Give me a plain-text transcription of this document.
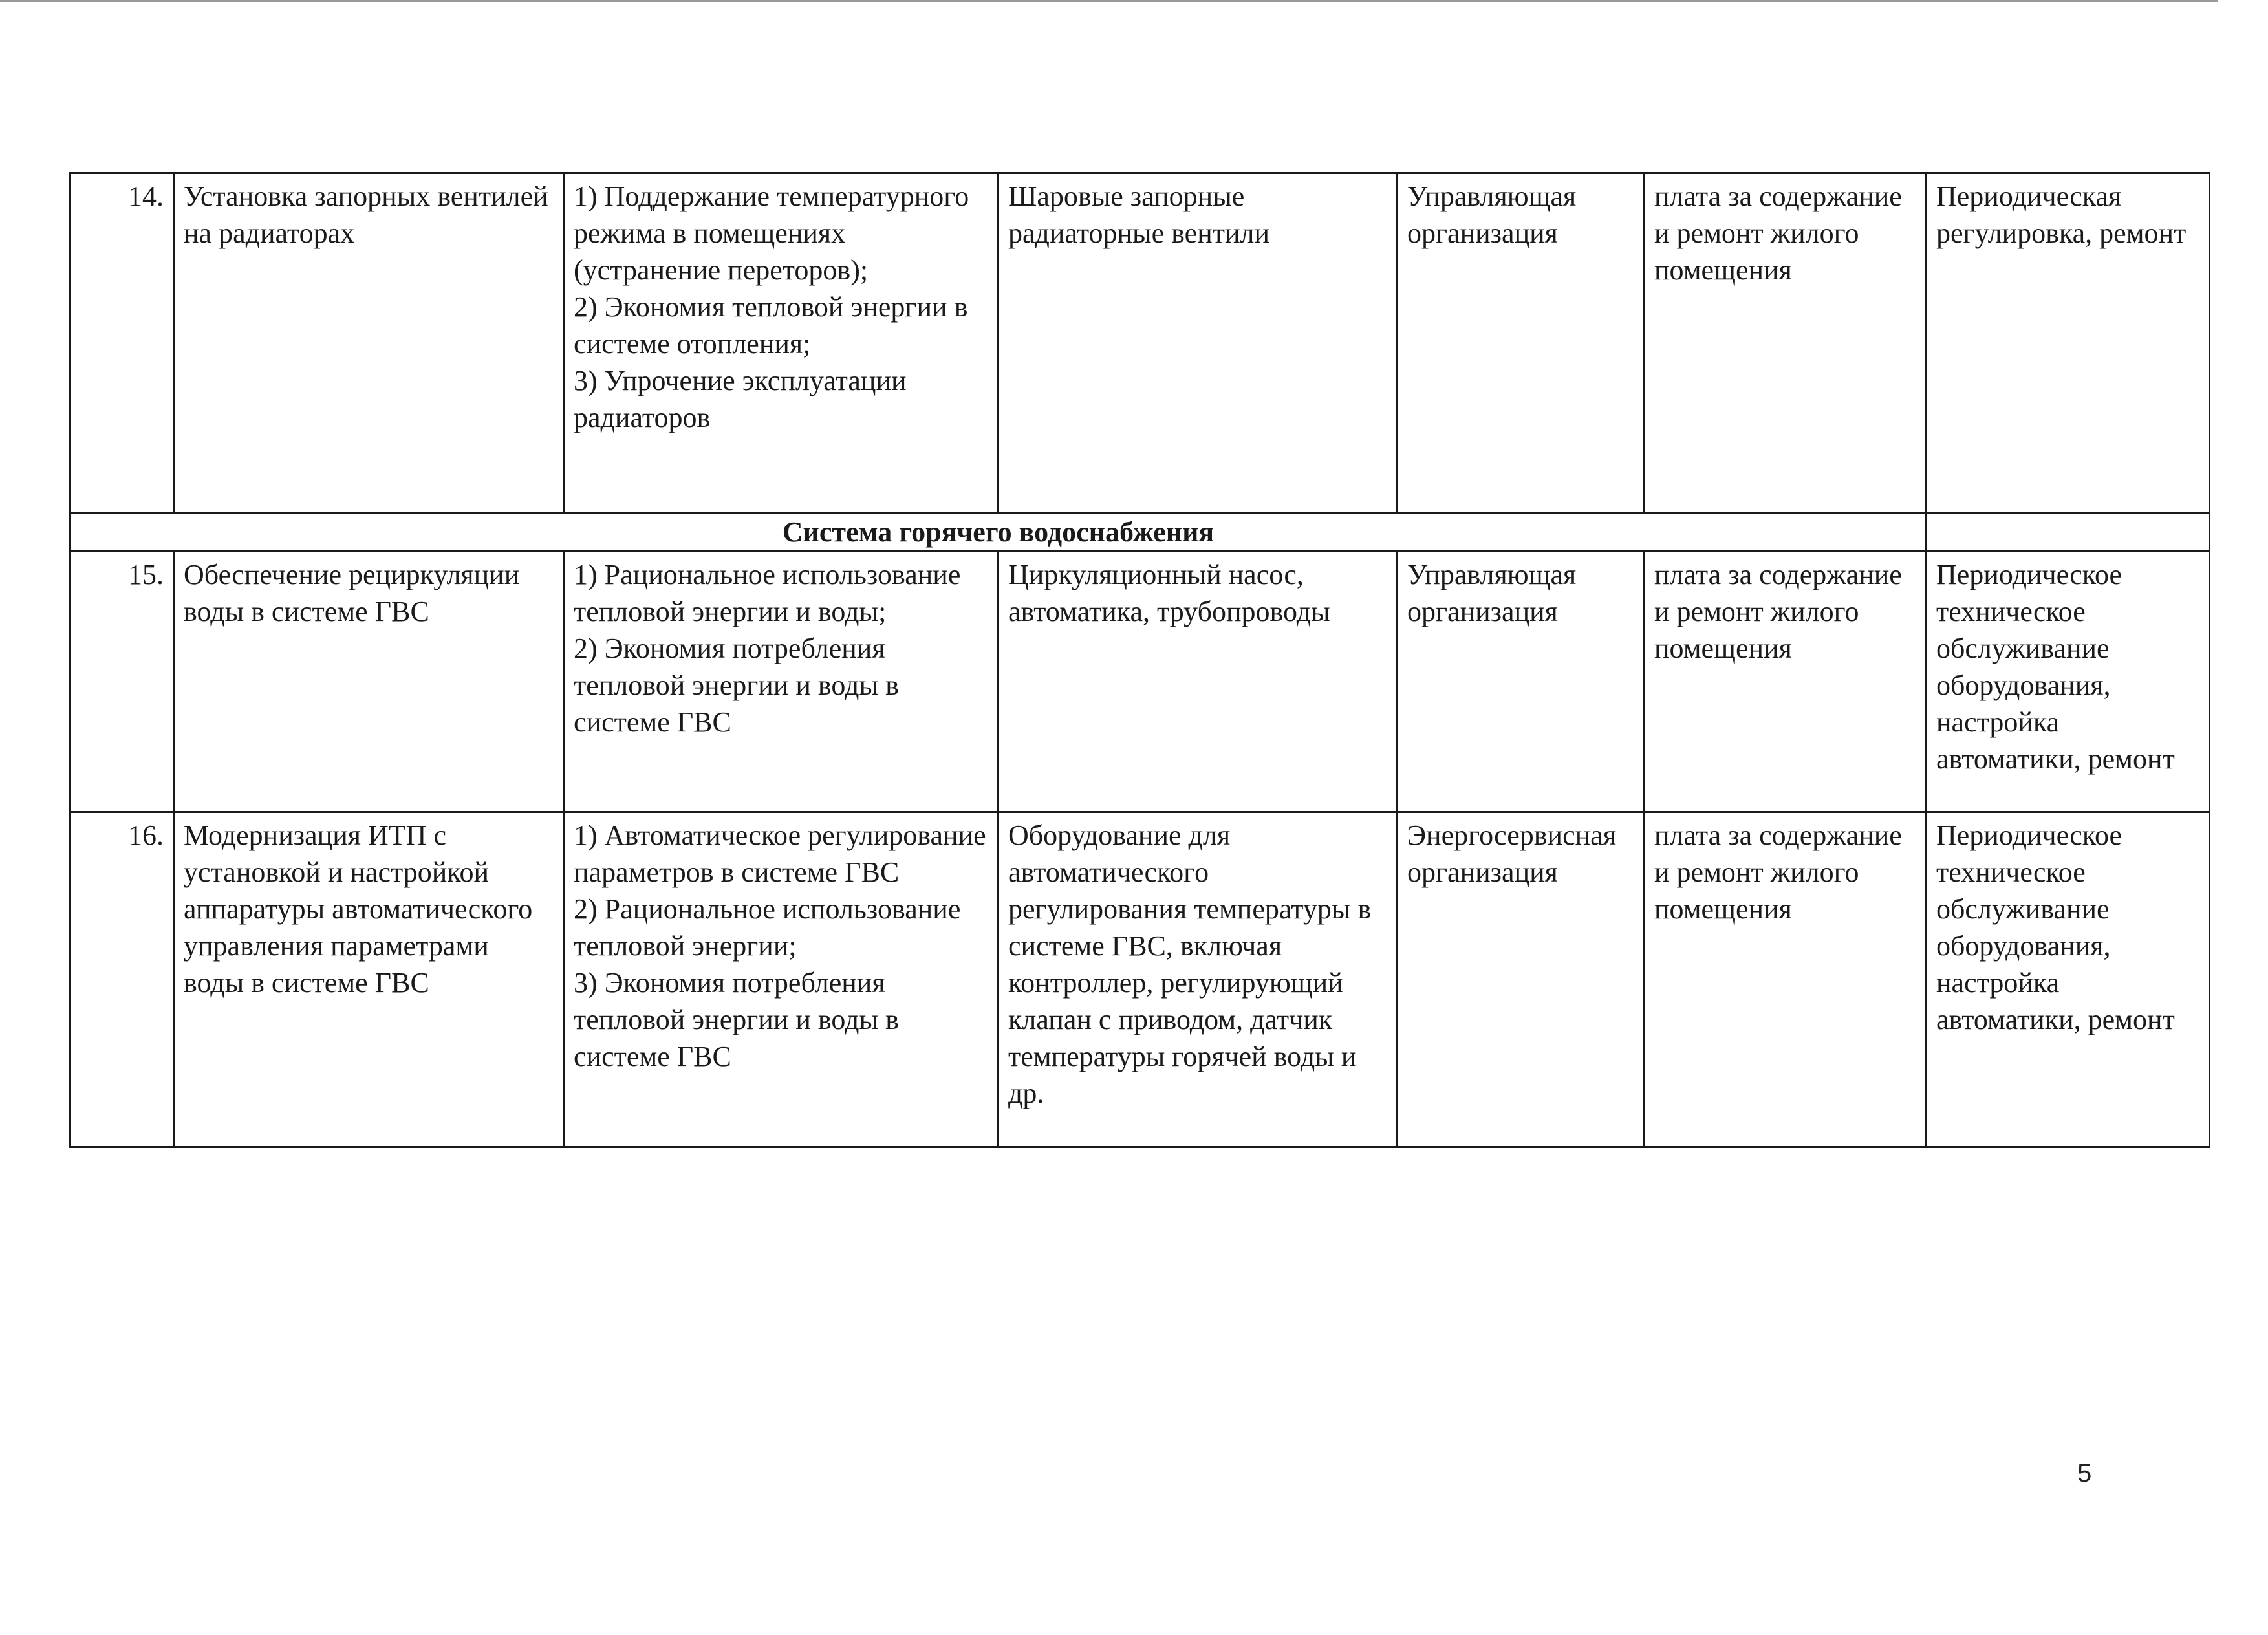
14.	Установка запорных вентилей на радиаторах	1) Поддержание температурного режима в помещениях (устранение перетоpов);
2) Экономия тепловой энергии в системе отопления;
3) Упрочение эксплуатации радиаторов	Шаровые запорные радиаторные вентили	Управляющая организация	плата за содержание и ремонт жилого помещения	Периодическая регулировка, ремонт
Система горячего водоснабжения						
15.	Обеспечение рециркуляции воды в системе ГВС	1) Рациональное использование тепловой энергии и воды;
2) Экономия потребления тепловой энергии и воды в системе ГВС	Циркуляционный насос, автоматика, трубопроводы	Управляющая организация	плата за содержание и ремонт жилого помещения	Периодическое техническое обслуживание оборудования, настройка автоматики, ремонт
16.	Модернизация ИТП с установкой и настройкой аппаратуры автоматического управления параметрами воды в системе ГВС	1) Автоматическое регулирование параметров в системе ГВС
2) Рациональное использование тепловой энергии;
3) Экономия потребления тепловой энергии и воды в системе ГВС	Оборудование для автоматического регулирования температуры в системе ГВС, включая контроллер, регулирующий клапан с приводом, датчик температуры горячей воды и др.	Энергосервисная организация	плата за содержание и ремонт жилого помещения	Периодическое техническое обслуживание оборудования, настройка автоматики, ремонт
5
